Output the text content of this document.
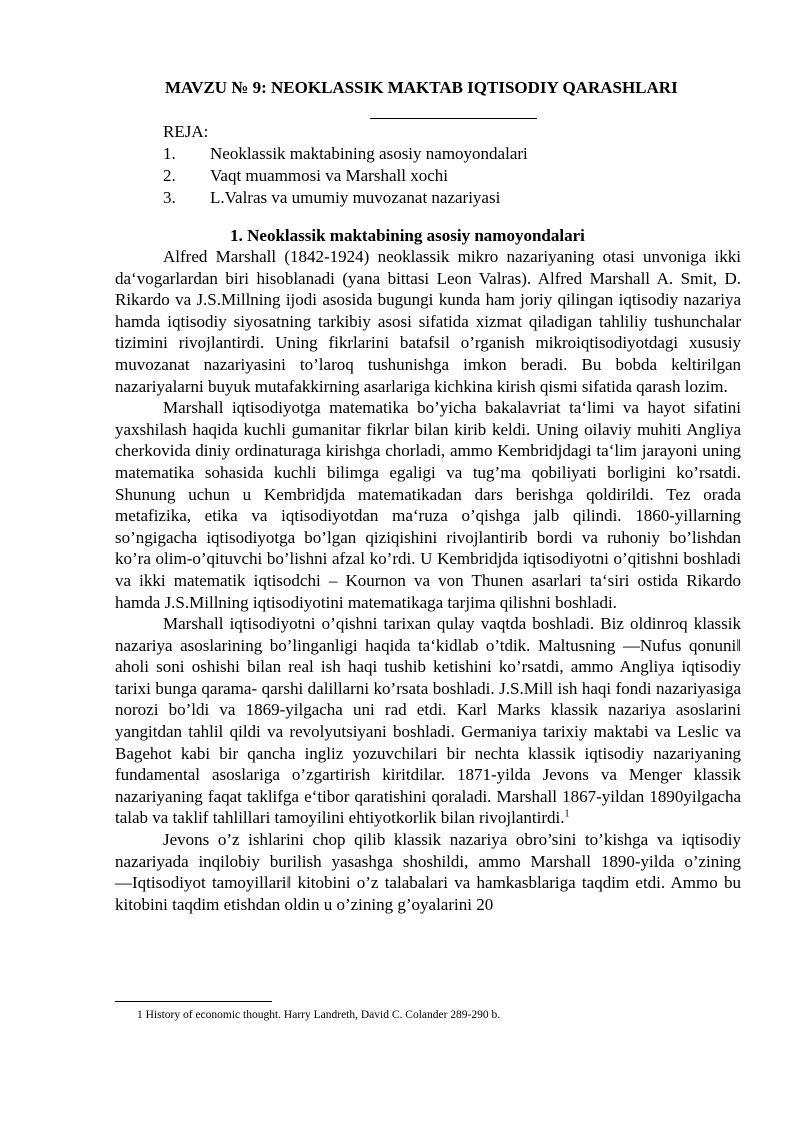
MAVZU № 9: NEOKLASSIK MAKTAB IQTISODIY QARASHLARI
REJA:
1. Neoklassik maktabining asosiy namoyondalari
2. Vaqt muammosi va Marshall xochi
3. L.Valras va umumiy muvozanat nazariyasi
1. Neoklassik maktabining asosiy namoyondalari

Alfred Marshall (1842-1924) neoklassik mikro nazariyaning otasi unvoniga ikki da‘vogarlardan biri hisoblanadi (yana bittasi Leon Valras). Alfred Marshall A. Smit, D. Rikardo va J.S.Millning ijodi asosida bugungi kunda ham joriy qilingan iqtisodiy nazariya hamda iqtisodiy siyosatning tarkibiy asosi sifatida xizmat qiladigan tahliliy tushunchalar tizimini rivojlantirdi. Uning fikrlarini batafsil o’rganish mikroiqtisodiyotdagi xususiy muvozanat nazariyasini to’laroq tushunishga imkon beradi. Bu bobda keltirilgan nazariyalarni buyuk mutafakkirning asarlariga kichkina kirish qismi sifatida qarash lozim.

Marshall iqtisodiyotga matematika bo’yicha bakalavriat ta‘limi va hayot sifatini yaxshilash haqida kuchli gumanitar fikrlar bilan kirib keldi. Uning oilaviy muhiti Angliya cherkovida diniy ordinaturaga kirishga chorladi, ammo Kembridjdagi ta‘lim jarayoni uning matematika sohasida kuchli bilimga egaligi va tug’ma qobiliyati borligini ko’rsatdi. Shunung uchun u Kembridjda matematikadan dars berishga qoldirildi. Tez orada metafizika, etika va iqtisodiyotdan ma‘ruza o’qishga jalb qilindi. 1860-yillarning so’ngigacha iqtisodiyotga bo’lgan qiziqishini rivojlantirib bordi va ruhoniy bo’lishdan ko’ra olim-o’qituvchi bo’lishni afzal ko’rdi. U Kembridjda iqtisodiyotni o’qitishni boshladi va ikki matematik iqtisodchi – Kournon va von Thunen asarlari ta‘siri ostida Rikardo hamda J.S.Millning iqtisodiyotini matematikaga tarjima qilishni boshladi.

Marshall iqtisodiyotni o’qishni tarixan qulay vaqtda boshladi. Biz oldinroq klassik nazariya asoslarining bo’linganligi haqida ta‘kidlab o’tdik. Maltusning ―Nufus qonuni‖ aholi soni oshishi bilan real ish haqi tushib ketishini ko’rsatdi, ammo Angliya iqtisodiy tarixi bunga qarama- qarshi dalillarni ko’rsata boshladi. J.S.Mill ish haqi fondi nazariyasiga norozi bo’ldi va 1869-yilgacha uni rad etdi. Karl Marks klassik nazariya asoslarini yangitdan tahlil qildi va revolyutsiyani boshladi. Germaniya tarixiy maktabi va Leslic va Bagehot kabi bir qancha ingliz yozuvchilari bir nechta klassik iqtisodiy nazariyaning fundamental asoslariga o’zgartirish kiritdilar. 1871-yilda Jevons va Menger klassik nazariyaning faqat taklifga e‘tibor qaratishini qoraladi. Marshall 1867-yildan 1890yilgacha talab va taklif tahlillari tamoyilini ehtiyotkorlik bilan rivojlantirdi.$^1$

Jevons o’z ishlarini chop qilib klassik nazariya obro’sini to’kishga va iqtisodiy nazariyada inqilobiy burilish yasashga shoshildi, ammo Marshall 1890-yilda o’zining ―Iqtisodiyot tamoyillari‖ kitobini o’z talabalari va hamkasblariga taqdim etdi. Ammo bu kitobini taqdim etishdan oldin u o’zining g’oyalarini 20

1 History of economic thought. Harry Landreth, David C. Colander 289-290 b.
